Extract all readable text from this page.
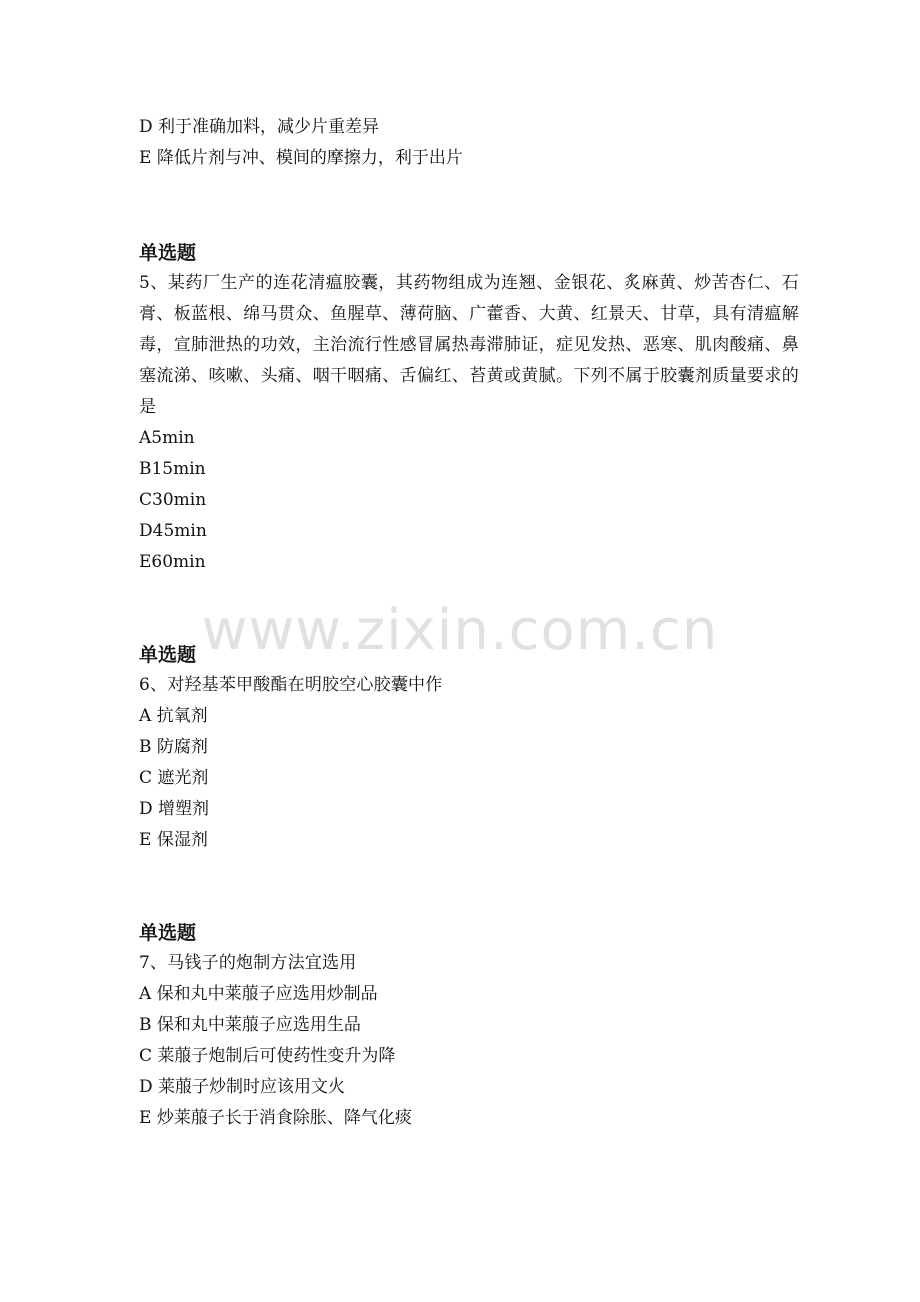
D 利于准确加料，减少片重差异
E 降低片剂与冲、模间的摩擦力，利于出片
单选题
5、某药厂生产的连花清瘟胶囊，其药物组成为连翘、金银花、炙麻黄、炒苦杏仁、石膏、板蓝根、绵马贯众、鱼腥草、薄荷脑、广藿香、大黄、红景天、甘草，具有清瘟解毒，宣肺泄热的功效，主治流行性感冒属热毒滞肺证，症见发热、恶寒、肌肉酸痛、鼻塞流涕、咳嗽、头痛、咽干咽痛、舌偏红、苔黄或黄腻。下列不属于胶囊剂质量要求的是
A5min
B15min
C30min
D45min
E60min
单选题
6、对羟基苯甲酸酯在明胶空心胶囊中作
A 抗氧剂
B 防腐剂
C 遮光剂
D 增塑剂
E 保湿剂
单选题
7、马钱子的炮制方法宜选用
A 保和丸中莱菔子应选用炒制品
B 保和丸中莱菔子应选用生品
C 莱菔子炮制后可使药性变升为降
D 莱菔子炒制时应该用文火
E 炒莱菔子长于消食除胀、降气化痰
www.zixin.com.cn
